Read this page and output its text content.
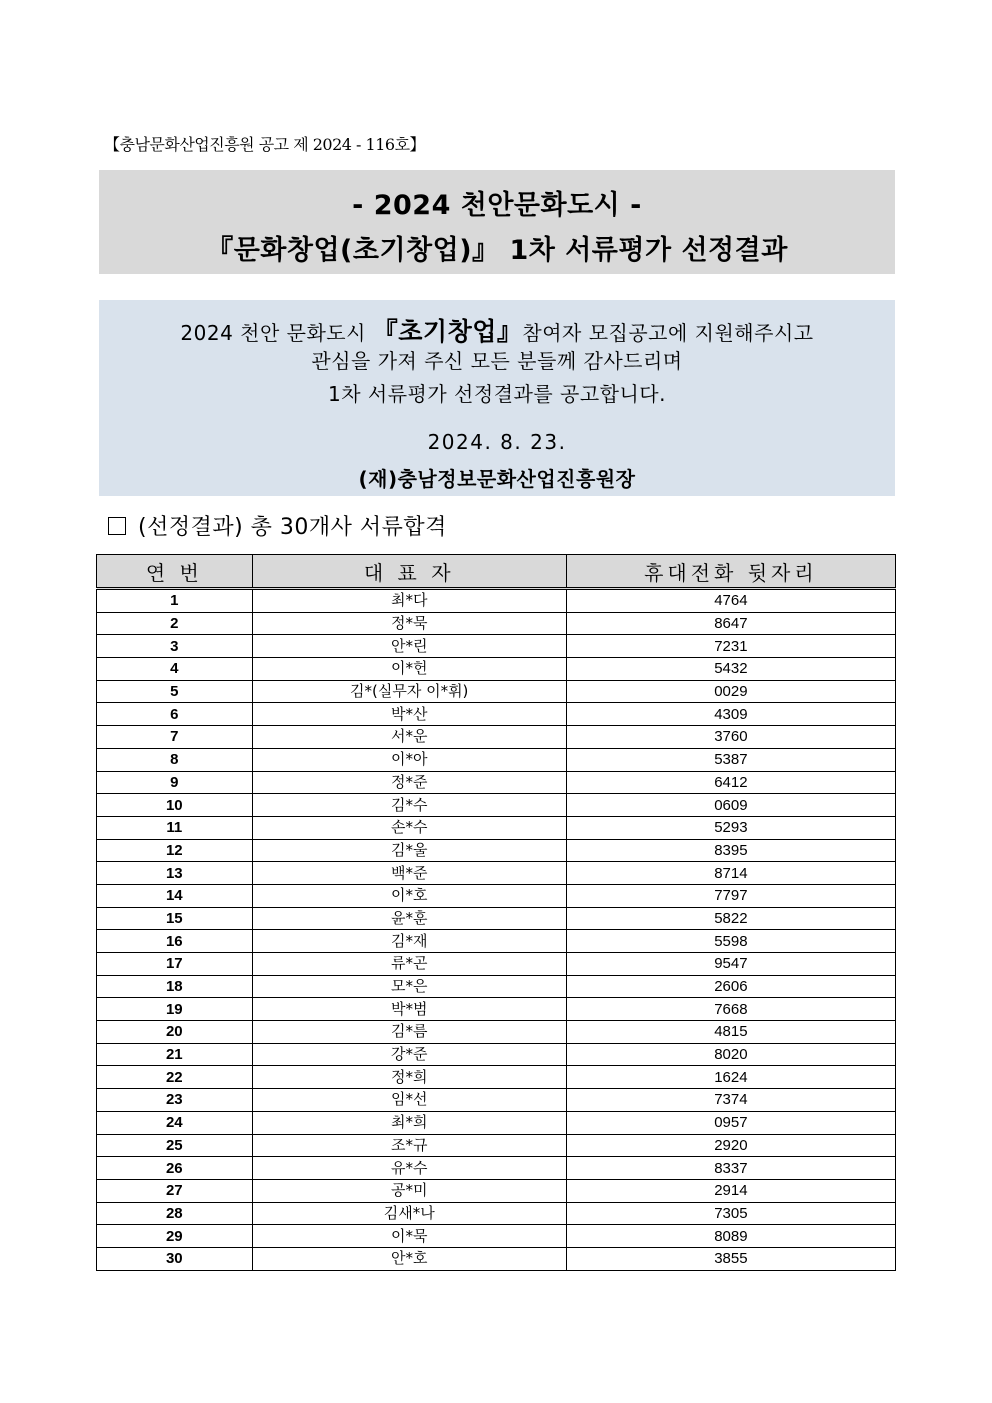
【충남문화산업진흥원 공고 제 2024 - 116호】
- 2024 천안문화도시 -
『문화창업(초기창업)』 1차 서류평가 선정결과
2024 천안 문화도시 『초기창업』참여자 모집공고에 지원해주시고
관심을 가져 주신 모든 분들께 감사드리며
1차 서류평가 선정결과를 공고합니다.
2024. 8. 23.
(재)충남정보문화산업진흥원장
(선정결과) 총 30개사 서류합격
연 번	대 표 자	휴대전화 뒷자리
1	최*다	4764
2	정*묵	8647
3	안*린	7231
4	이*헌	5432
5	김*(실무자 이*휘)	0029
6	박*산	4309
7	서*운	3760
8	이*아	5387
9	정*준	6412
10	김*수	0609
11	손*수	5293
12	김*울	8395
13	백*준	8714
14	이*호	7797
15	윤*훈	5822
16	김*재	5598
17	류*곤	9547
18	모*은	2606
19	박*범	7668
20	김*름	4815
21	강*준	8020
22	정*희	1624
23	임*선	7374
24	최*희	0957
25	조*규	2920
26	유*수	8337
27	공*미	2914
28	김새*나	7305
29	이*묵	8089
30	안*호	3855
